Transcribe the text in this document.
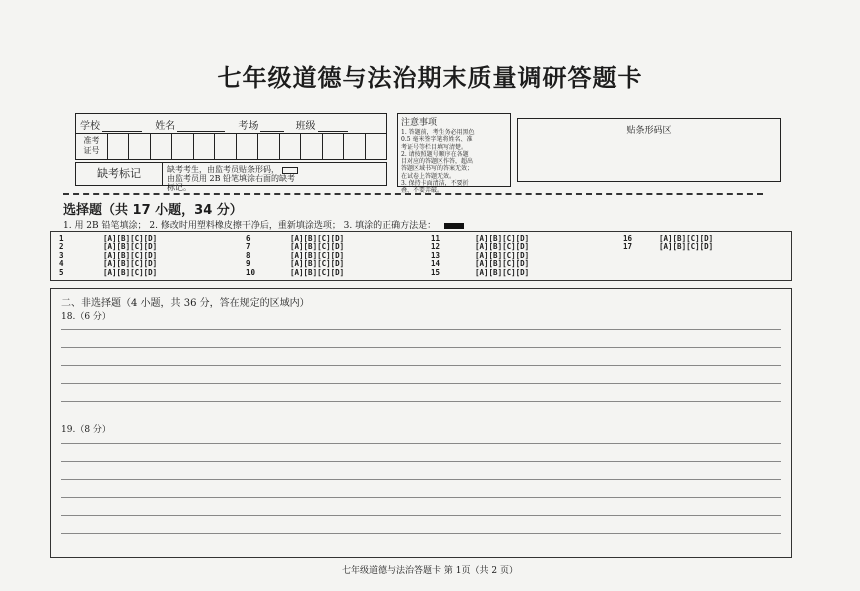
七年级道德与法治期末质量调研答题卡
学校	姓名	考场	班级
准考
证号
缺考标记	缺考考生，由监考员贴条形码，
由监考员用 2B 铅笔填涂右面的缺考
标记。
注意事项
1. 答题前，考生务必用黑色
0.5 毫米签字笔将姓名、准
考证号等栏目填写清楚。
2. 请按照题号顺序在各题
目对应的答题区作答，超出
答题区域书写的答案无效；
在试卷上答题无效。
3. 保持卡面清洁，不要折
叠、不要弄破。
贴条形码区
选择题（共 17 小题，34 分）
1. 用 2B 铅笔填涂； 2. 修改时用塑料橡皮擦干净后，重新填涂选项； 3. 填涂的正确方法是：
1	[A][B][C][D]
2	[A][B][C][D]
3	[A][B][C][D]
4	[A][B][C][D]
5	[A][B][C][D]
6	[A][B][C][D]
7	[A][B][C][D]
8	[A][B][C][D]
9	[A][B][C][D]
10	[A][B][C][D]
11	[A][B][C][D]
12	[A][B][C][D]
13	[A][B][C][D]
14	[A][B][C][D]
15	[A][B][C][D]
16	[A][B][C][D]
17	[A][B][C][D]
二、非选择题（4 小题，共 36 分，答在规定的区域内）
18.（6 分）
19.（8 分）
七年级道德与法治答题卡 第 1页（共 2 页）
